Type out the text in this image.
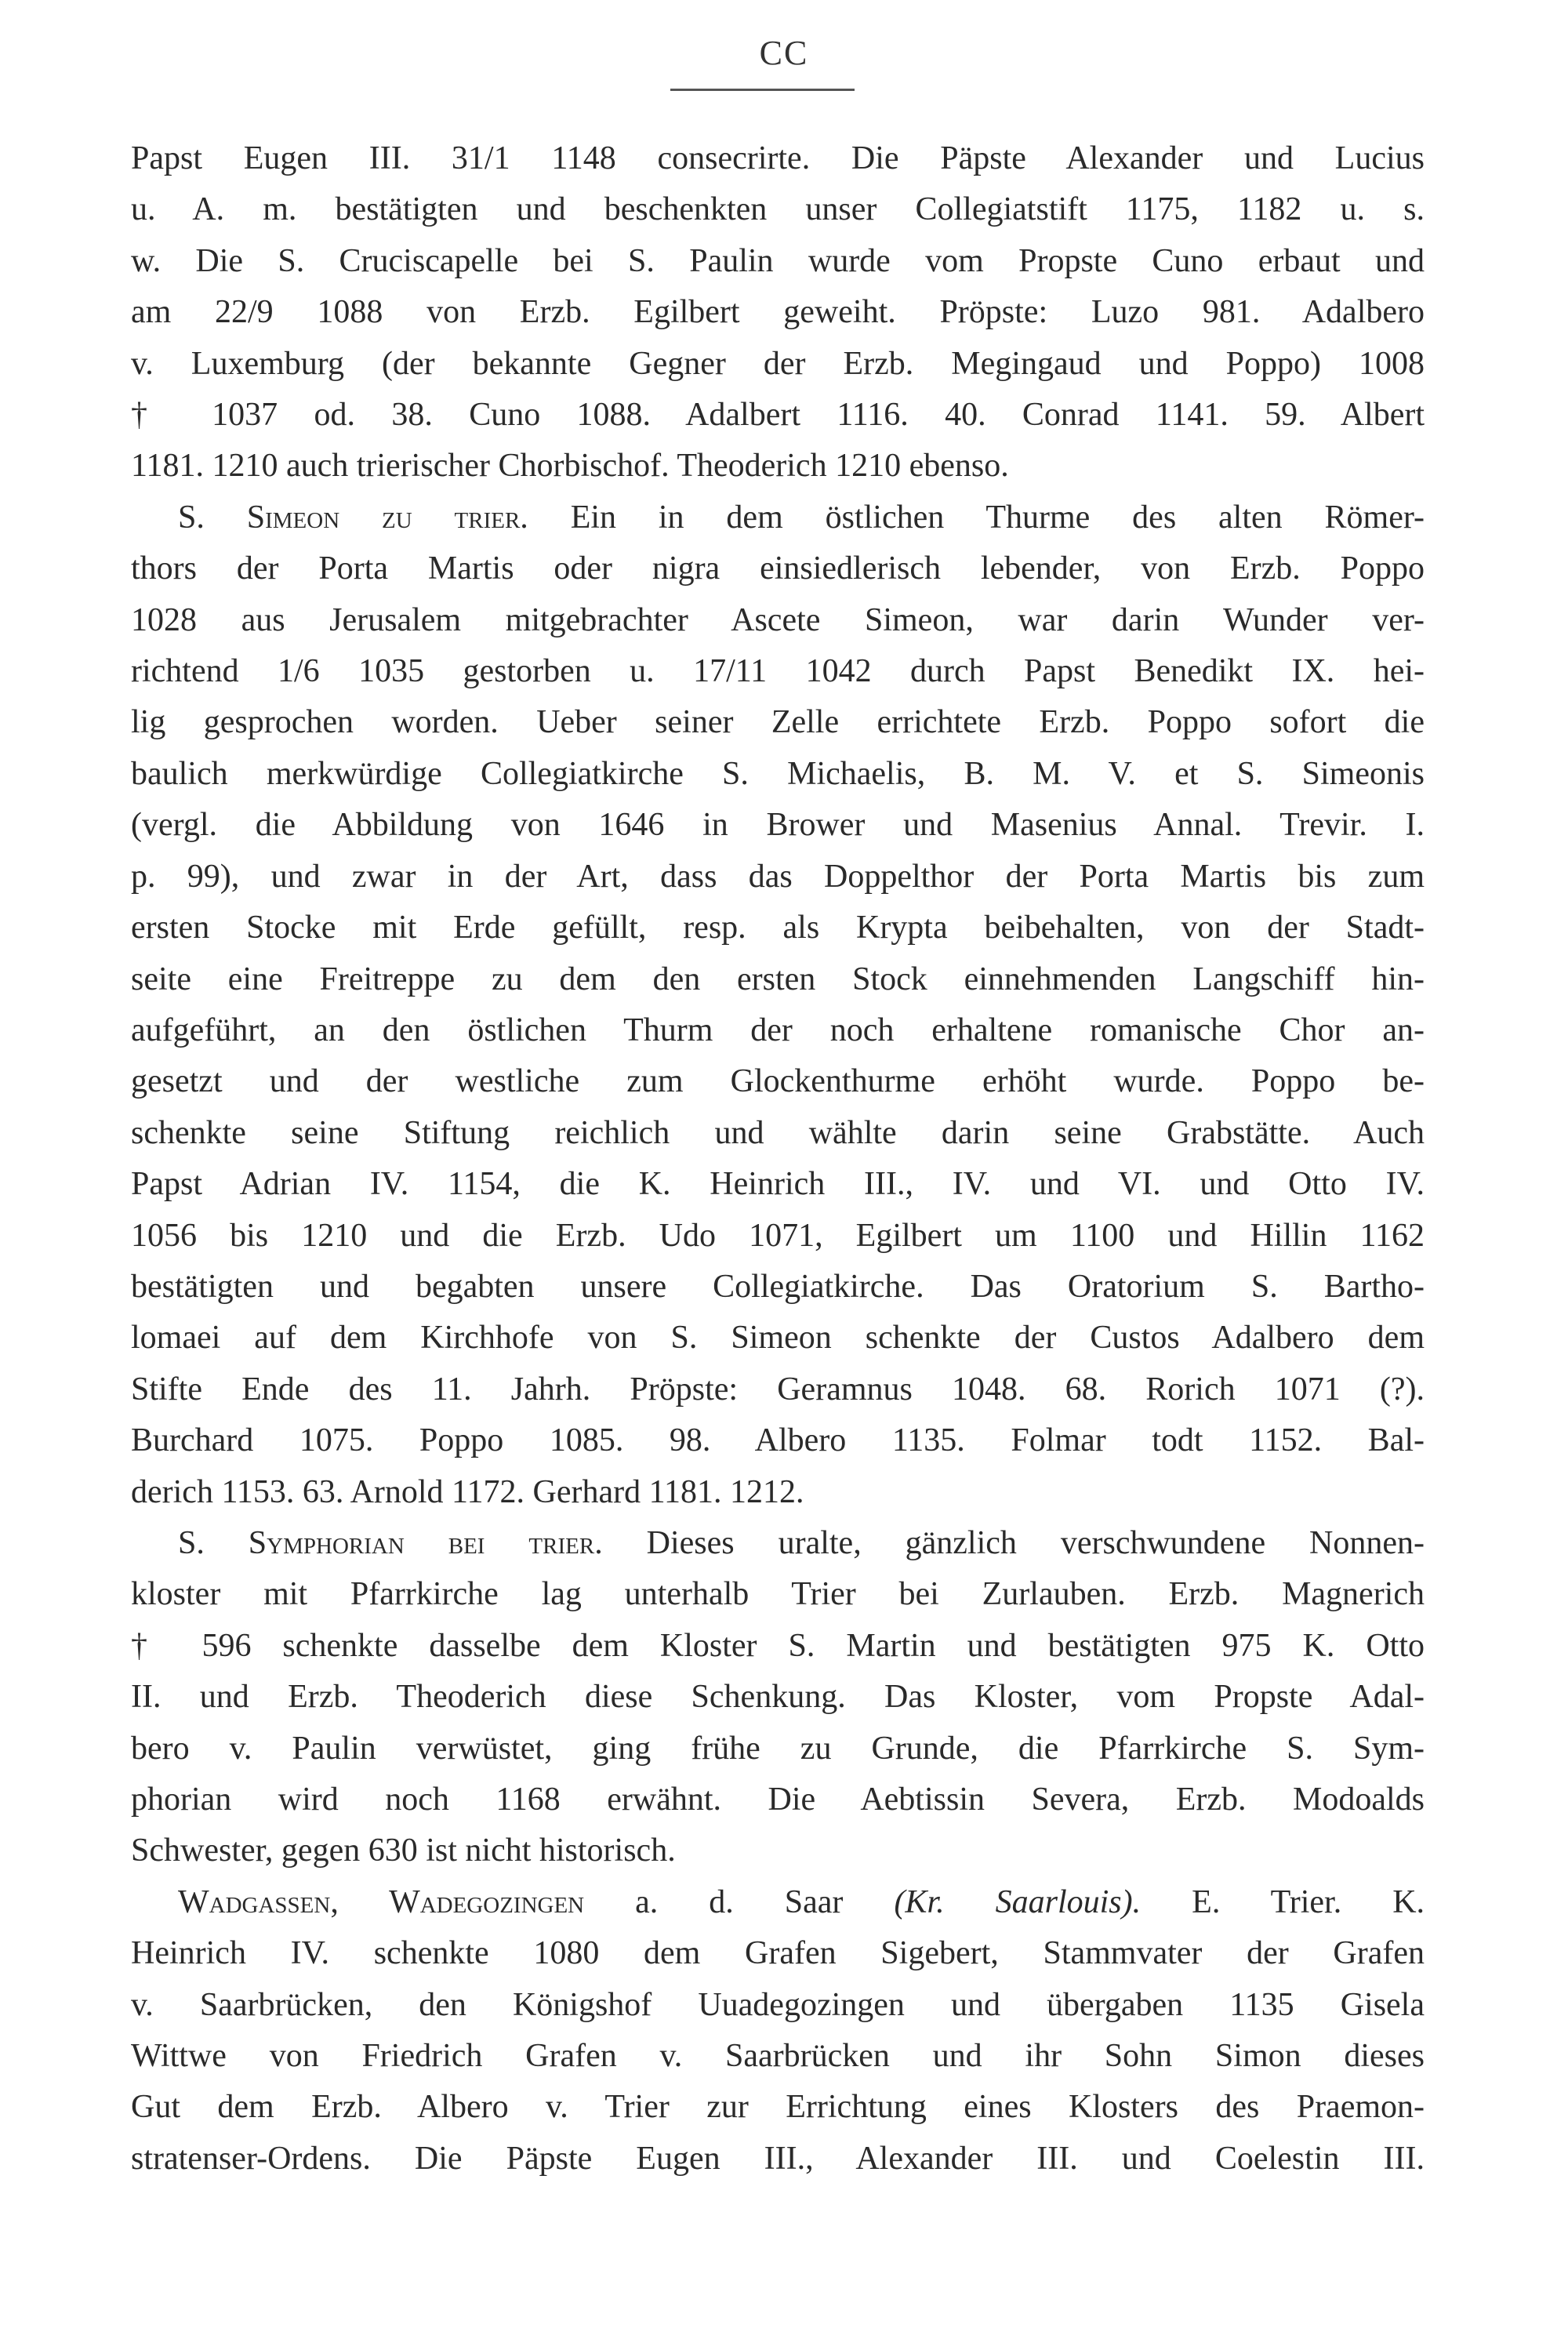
CC

Papst Eugen III. 31/1 1148 consecrirte. Die Päpste Alexander und Lucius
u. A. m. bestätigten und beschenkten unser Collegiatstift 1175, 1182 u. s.
w. Die S. Cruciscapelle bei S. Paulin wurde vom Propste Cuno erbaut und
am 22/9 1088 von Erzb. Egilbert geweiht. Pröpste: Luzo 981. Adalbero
v. Luxemburg (der bekannte Gegner der Erzb. Megingaud und Poppo) 1008
† 1037 od. 38. Cuno 1088. Adalbert 1116. 40. Conrad 1141. 59. Albert
1181. 1210 auch trierischer Chorbischof. Theoderich 1210 ebenso.

S. Simeon zu trier. Ein in dem östlichen Thurme des alten Römer-
thors der Porta Martis oder nigra einsiedlerisch lebender, von Erzb. Poppo
1028 aus Jerusalem mitgebrachter Ascete Simeon, war darin Wunder ver-
richtend 1/6 1035 gestorben u. 17/11 1042 durch Papst Benedikt IX. hei-
lig gesprochen worden. Ueber seiner Zelle errichtete Erzb. Poppo sofort die
baulich merkwürdige Collegiatkirche S. Michaelis, B. M. V. et S. Simeonis
(vergl. die Abbildung von 1646 in Brower und Masenius Annal. Trevir. I.
p. 99), und zwar in der Art, dass das Doppelthor der Porta Martis bis zum
ersten Stocke mit Erde gefüllt, resp. als Krypta beibehalten, von der Stadt-
seite eine Freitreppe zu dem den ersten Stock einnehmenden Langschiff hin-
aufgeführt, an den östlichen Thurm der noch erhaltene romanische Chor an-
gesetzt und der westliche zum Glockenthurme erhöht wurde. Poppo be-
schenkte seine Stiftung reichlich und wählte darin seine Grabstätte. Auch
Papst Adrian IV. 1154, die K. Heinrich III., IV. und VI. und Otto IV.
1056 bis 1210 und die Erzb. Udo 1071, Egilbert um 1100 und Hillin 1162
bestätigten und begabten unsere Collegiatkirche. Das Oratorium S. Bartho-
lomaei auf dem Kirchhofe von S. Simeon schenkte der Custos Adalbero dem
Stifte Ende des 11. Jahrh. Pröpste: Geramnus 1048. 68. Rorich 1071 (?).
Burchard 1075. Poppo 1085. 98. Albero 1135. Folmar todt 1152. Bal-
derich 1153. 63. Arnold 1172. Gerhard 1181. 1212.

S. Symphorian bei trier. Dieses uralte, gänzlich verschwundene Nonnen-
kloster mit Pfarrkirche lag unterhalb Trier bei Zurlauben. Erzb. Magnerich
† 596 schenkte dasselbe dem Kloster S. Martin und bestätigten 975 K. Otto
II. und Erzb. Theoderich diese Schenkung. Das Kloster, vom Propste Adal-
bero v. Paulin verwüstet, ging frühe zu Grunde, die Pfarrkirche S. Sym-
phorian wird noch 1168 erwähnt. Die Aebtissin Severa, Erzb. Modoalds
Schwester, gegen 630 ist nicht historisch.

Wadgassen, Wadegozingen a. d. Saar (Kr. Saarlouis). E. Trier. K.
Heinrich IV. schenkte 1080 dem Grafen Sigebert, Stammvater der Grafen
v. Saarbrücken, den Königshof Uuadegozingen und übergaben 1135 Gisela
Wittwe von Friedrich Grafen v. Saarbrücken und ihr Sohn Simon dieses
Gut dem Erzb. Albero v. Trier zur Errichtung eines Klosters des Praemon-
stratenser-Ordens. Die Päpste Eugen III., Alexander III. und Coelestin III.
